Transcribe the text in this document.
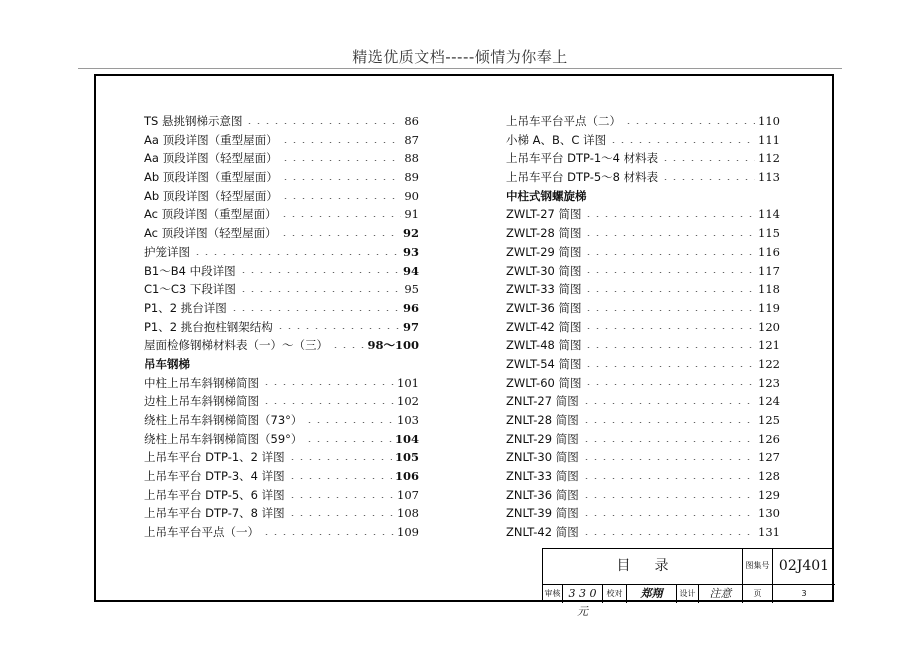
精选优质文档-----倾情为你奉上
TS 悬挑钢梯示意图	86
Aa 顶段详图（重型屋面）	87
Aa 顶段详图（轻型屋面）	88
Ab 顶段详图（重型屋面）	89
Ab 顶段详图（轻型屋面）	90
Ac 顶段详图（重型屋面）	91
Ac 顶段详图（轻型屋面）	92
护笼详图	93
B1～B4 中段详图	94
C1～C3 下段详图	95
P1、2 挑台详图	96
P1、2 挑台抱柱钢架结构	97
屋面检修钢梯材料表（一）～（三）	98～100
吊车钢梯
中柱上吊车斜钢梯简图	101
边柱上吊车斜钢梯简图	102
绕柱上吊车斜钢梯简图（73°）	103
绕柱上吊车斜钢梯简图（59°）	104
上吊车平台 DTP-1、2 详图	105
上吊车平台 DTP-3、4 详图	106
上吊车平台 DTP-5、6 详图	107
上吊车平台 DTP-7、8 详图	108
上吊车平台平点（一）	109
上吊车平台平点（二）	110
小梯 A、B、C 详图	111
上吊车平台 DTP-1～4 材料表	112
上吊车平台 DTP-5～8 材料表	113
中柱式钢螺旋梯
ZWLT-27 简图	114
ZWLT-28 简图	115
ZWLT-29 简图	116
ZWLT-30 简图	117
ZWLT-33 简图	118
ZWLT-36 简图	119
ZWLT-42 简图	120
ZWLT-48 简图	121
ZWLT-54 简图	122
ZWLT-60 简图	123
ZNLT-27 简图	124
ZNLT-28 简图	125
ZNLT-29 简图	126
ZNLT-30 简图	127
ZNLT-33 简图	128
ZNLT-36 简图	129
ZNLT-39 简图	130
ZNLT-42 简图	131
目录	图集号 02J401
审核 3 3 0 元
校对	郑翔	设计	注意	页	3
